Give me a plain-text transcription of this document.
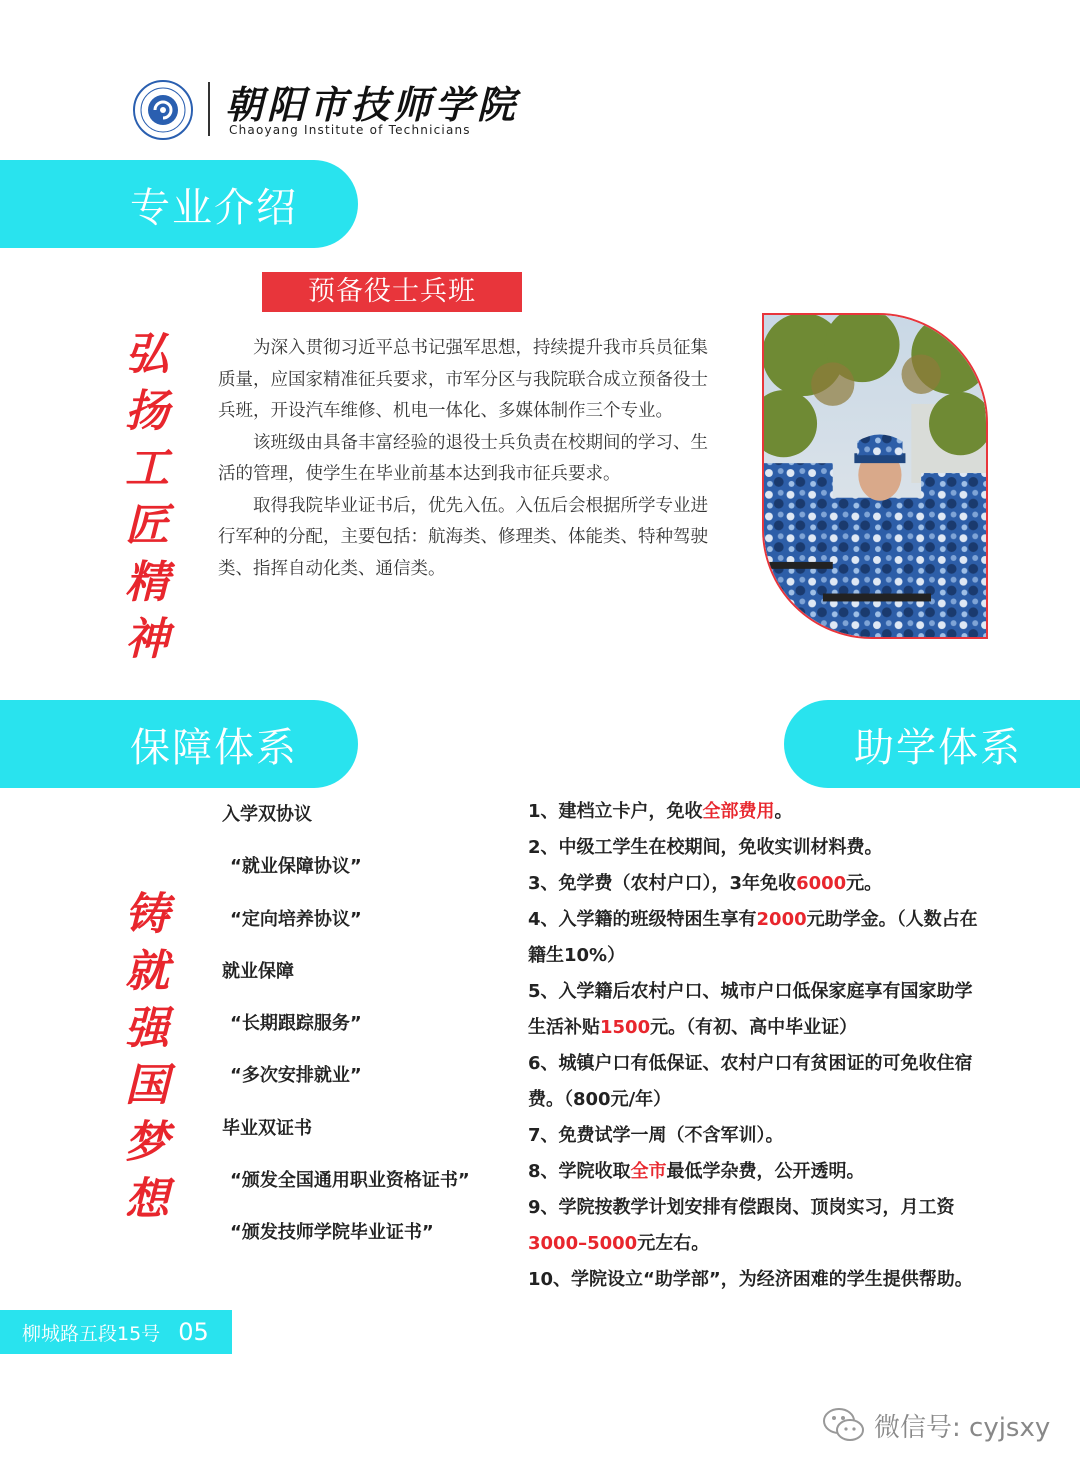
朝阳市技师学院
Chaoyang Institute of Technicians
专业介绍
预备役士兵班
弘扬工匠精神

为深入贯彻习近平总书记强军思想，持续提升我市兵员征集质量，应国家精准征兵要求，市军分区与我院联合成立预备役士兵班，开设汽车维修、机电一体化、多媒体制作三个专业。

该班级由具备丰富经验的退役士兵负责在校期间的学习、生活的管理，使学生在毕业前基本达到我市征兵要求。

取得我院毕业证书后，优先入伍。入伍后会根据所学专业进行军种的分配，主要包括：航海类、修理类、体能类、特种驾驶类、指挥自动化类、通信类。

保障体系
铸就强国梦想
入学双协议
“就业保障协议”
“定向培养协议”
就业保障
“长期跟踪服务”
“多次安排就业”
毕业双证书
“颁发全国通用职业资格证书”
“颁发技师学院毕业证书”
助学体系
1、建档立卡户，免收全部费用。
2、中级工学生在校期间，免收实训材料费。
3、免学费（农村户口），3年免收6000元。
4、入学籍的班级特困生享有2000元助学金。（人数占在籍生10%）
5、入学籍后农村户口、城市户口低保家庭享有国家助学生活补贴1500元。（有初、高中毕业证）
6、城镇户口有低保证、农村户口有贫困证的可免收住宿费。（800元/年）
7、免费试学一周（不含军训）。
8、学院收取全市最低学杂费，公开透明。
9、学院按教学计划安排有偿跟岗、顶岗实习，月工资3000–5000元左右。
10、学院设立“助学部”，为经济困难的学生提供帮助。
柳城路五段15号 05
微信号: cyjsxy
